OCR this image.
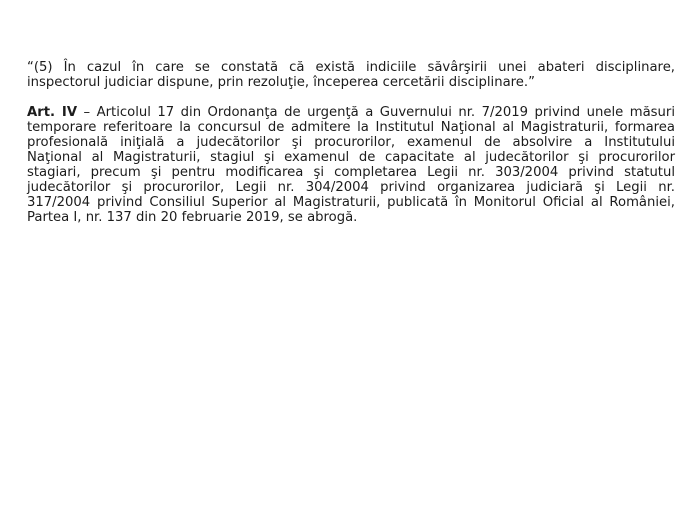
“(5) În cazul în care se constată că există indiciile săvârşirii unei abateri disciplinare,
inspectorul judiciar dispune, prin rezoluţie, începerea cercetării disciplinare.”

Art. IV – Articolul 17 din Ordonanţa de urgenţă a Guvernului nr. 7/2019 privind unele măsuri
temporare referitoare la concursul de admitere la Institutul Naţional al Magistraturii, formarea
profesională iniţială a judecătorilor şi procurorilor, examenul de absolvire a Institutului
Naţional al Magistraturii, stagiul şi examenul de capacitate al judecătorilor şi procurorilor
stagiari, precum şi pentru modificarea şi completarea Legii nr. 303/2004 privind statutul
judecătorilor şi procurorilor, Legii nr. 304/2004 privind organizarea judiciară şi Legii nr.
317/2004 privind Consiliul Superior al Magistraturii, publicată în Monitorul Oficial al României,
Partea I, nr. 137 din 20 februarie 2019, se abrogă.
